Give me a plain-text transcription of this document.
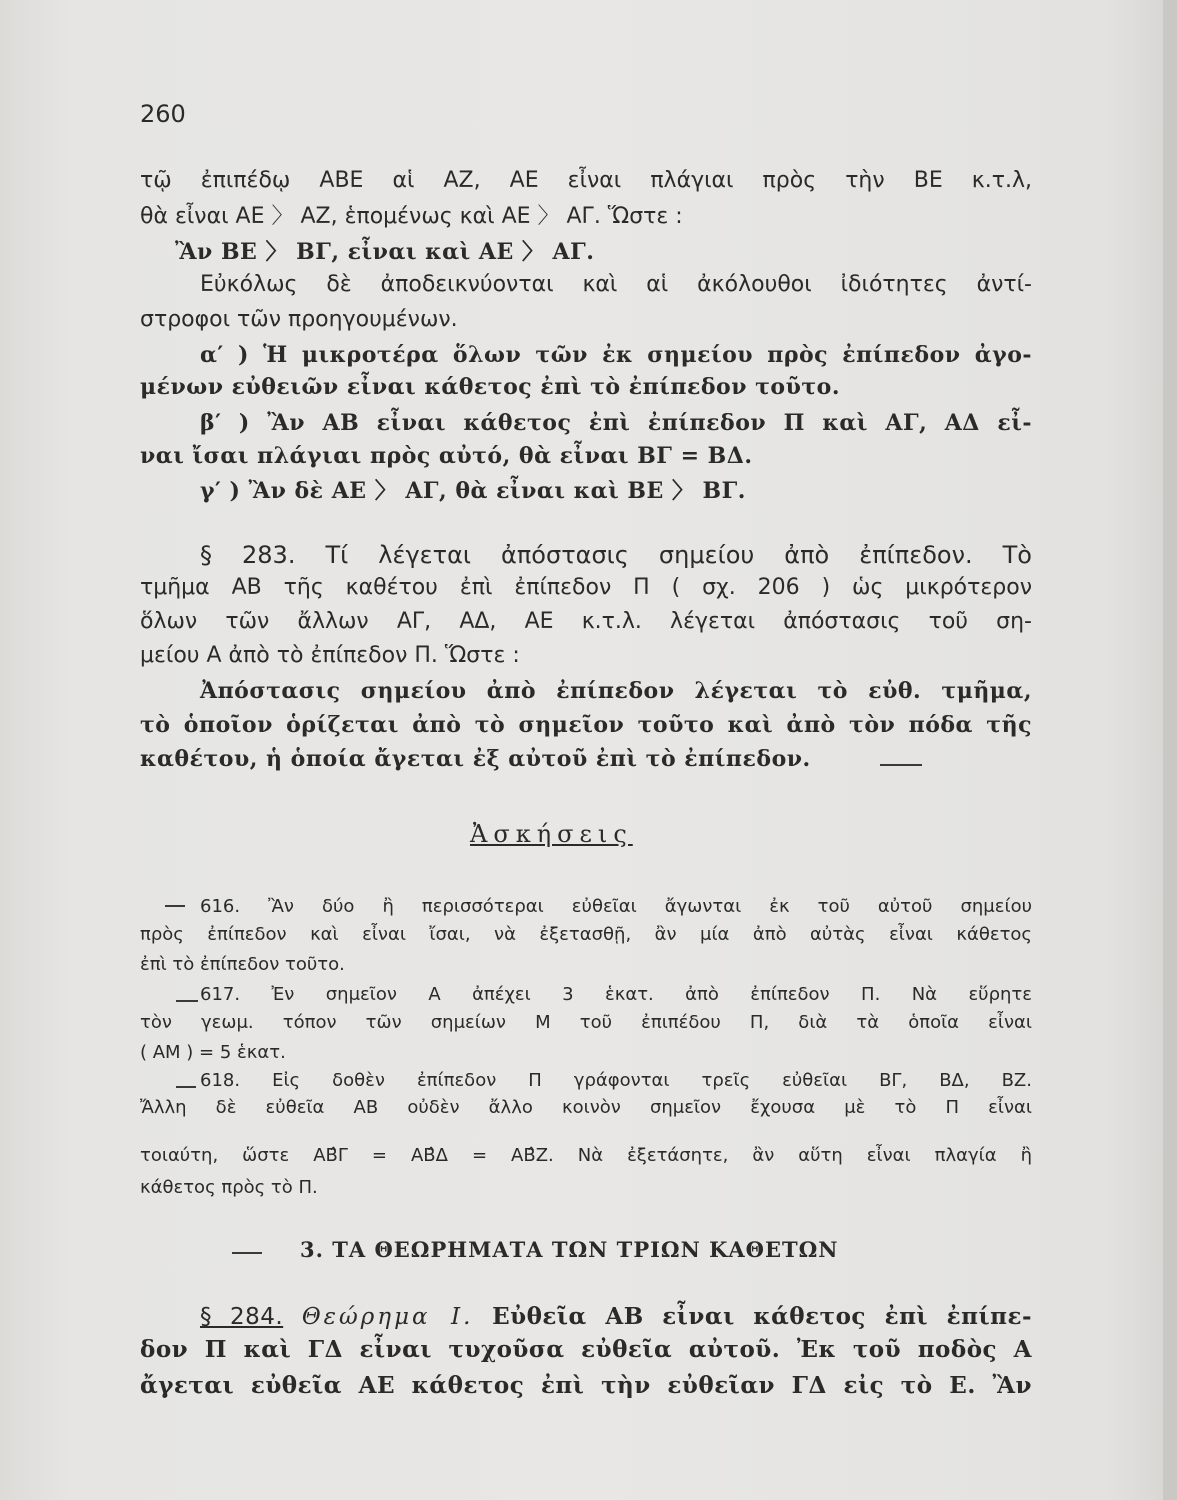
260
τῷ ἐπιπέδῳ ΑΒΕ αἱ ΑΖ, ΑΕ εἶναι πλάγιαι πρὸς τὴν ΒΕ κ.τ.λ,
θὰ εἶναι ΑΕ 〉 ΑΖ, ἑπομένως καὶ ΑΕ 〉 ΑΓ. Ὥστε :
Ἂν ΒΕ 〉 ΒΓ, εἶναι καὶ ΑΕ 〉 ΑΓ.
Εὐκόλως δὲ ἀποδεικνύονται καὶ αἱ ἀκόλουθοι ἰδιότητες ἀντί-
στροφοι τῶν προηγουμένων.
α′ ) Ἡ μικροτέρα ὅλων τῶν ἐκ σημείου πρὸς ἐπίπεδον ἀγο-
μένων εὐθειῶν εἶναι κάθετος ἐπὶ τὸ ἐπίπεδον τοῦτο.
β′ ) Ἂν ΑΒ εἶναι κάθετος ἐπὶ ἐπίπεδον Π καὶ ΑΓ, ΑΔ εἶ-
ναι ἴσαι πλάγιαι πρὸς αὐτό, θὰ εἶναι ΒΓ = ΒΔ.
γ′ ) Ἂν δὲ ΑΕ 〉 ΑΓ, θὰ εἶναι καὶ ΒΕ 〉 ΒΓ.
§ 283. Τί λέγεται ἀπόστασις σημείου ἀπὸ ἐπίπεδον. Τὸ
τμῆμα ΑΒ τῆς καθέτου ἐπὶ ἐπίπεδον Π ( σχ. 206 ) ὡς μικρότερον
ὅλων τῶν ἄλλων ΑΓ, ΑΔ, ΑΕ κ.τ.λ. λέγεται ἀπόστασις τοῦ ση-
μείου Α ἀπὸ τὸ ἐπίπεδον Π. Ὥστε :
Ἀπόστασις σημείου ἀπὸ ἐπίπεδον λέγεται τὸ εὐθ. τμῆμα,
τὸ ὁποῖον ὁρίζεται ἀπὸ τὸ σημεῖον τοῦτο καὶ ἀπὸ τὸν πόδα τῆς
καθέτου, ἡ ὁποία ἄγεται ἐξ αὐτοῦ ἐπὶ τὸ ἐπίπεδον.
Ἀσκήσεις
616. Ἂν δύο ἢ περισσότεραι εὐθεῖαι ἄγωνται ἐκ τοῦ αὐτοῦ σημείου
πρὸς ἐπίπεδον καὶ εἶναι ἴσαι, νὰ ἐξετασθῇ, ἂν μία ἀπὸ αὐτὰς εἶναι κάθετος
ἐπὶ τὸ ἐπίπεδον τοῦτο.
617. Ἐν σημεῖον Α ἀπέχει 3 ἑκατ. ἀπὸ ἐπίπεδον Π. Νὰ εὕρητε
τὸν γεωμ. τόπον τῶν σημείων Μ τοῦ ἐπιπέδου Π, διὰ τὰ ὁποῖα εἶναι
( ΑΜ ) = 5 ἑκατ.
618. Εἰς δοθὲν ἐπίπεδον Π γράφονται τρεῖς εὐθεῖαι ΒΓ, ΒΔ, ΒΖ.
Ἄλλη δὲ εὐθεῖα ΑΒ οὐδὲν ἄλλο κοινὸν σημεῖον ἔχουσα μὲ τὸ Π εἶναι
τοιαύτη, ὥστε ΑΒ̂Γ = ΑΒ̂Δ = ΑΒ̂Ζ. Νὰ ἐξετάσητε, ἂν αὕτη εἶναι πλαγία ἢ
κάθετος πρὸς τὸ Π.
3. ΤΑ ΘΕΩΡΗΜΑΤΑ ΤΩΝ ΤΡΙΩΝ ΚΑΘΕΤΩΝ
§ 284. Θεώρημα Ι. Εὐθεῖα ΑΒ εἶναι κάθετος ἐπὶ ἐπίπε-
δον Π καὶ ΓΔ εἶναι τυχοῦσα εὐθεῖα αὐτοῦ. Ἐκ τοῦ ποδὸς Α
ἄγεται εὐθεῖα ΑΕ κάθετος ἐπὶ τὴν εὐθεῖαν ΓΔ εἰς τὸ Ε. Ἂν
